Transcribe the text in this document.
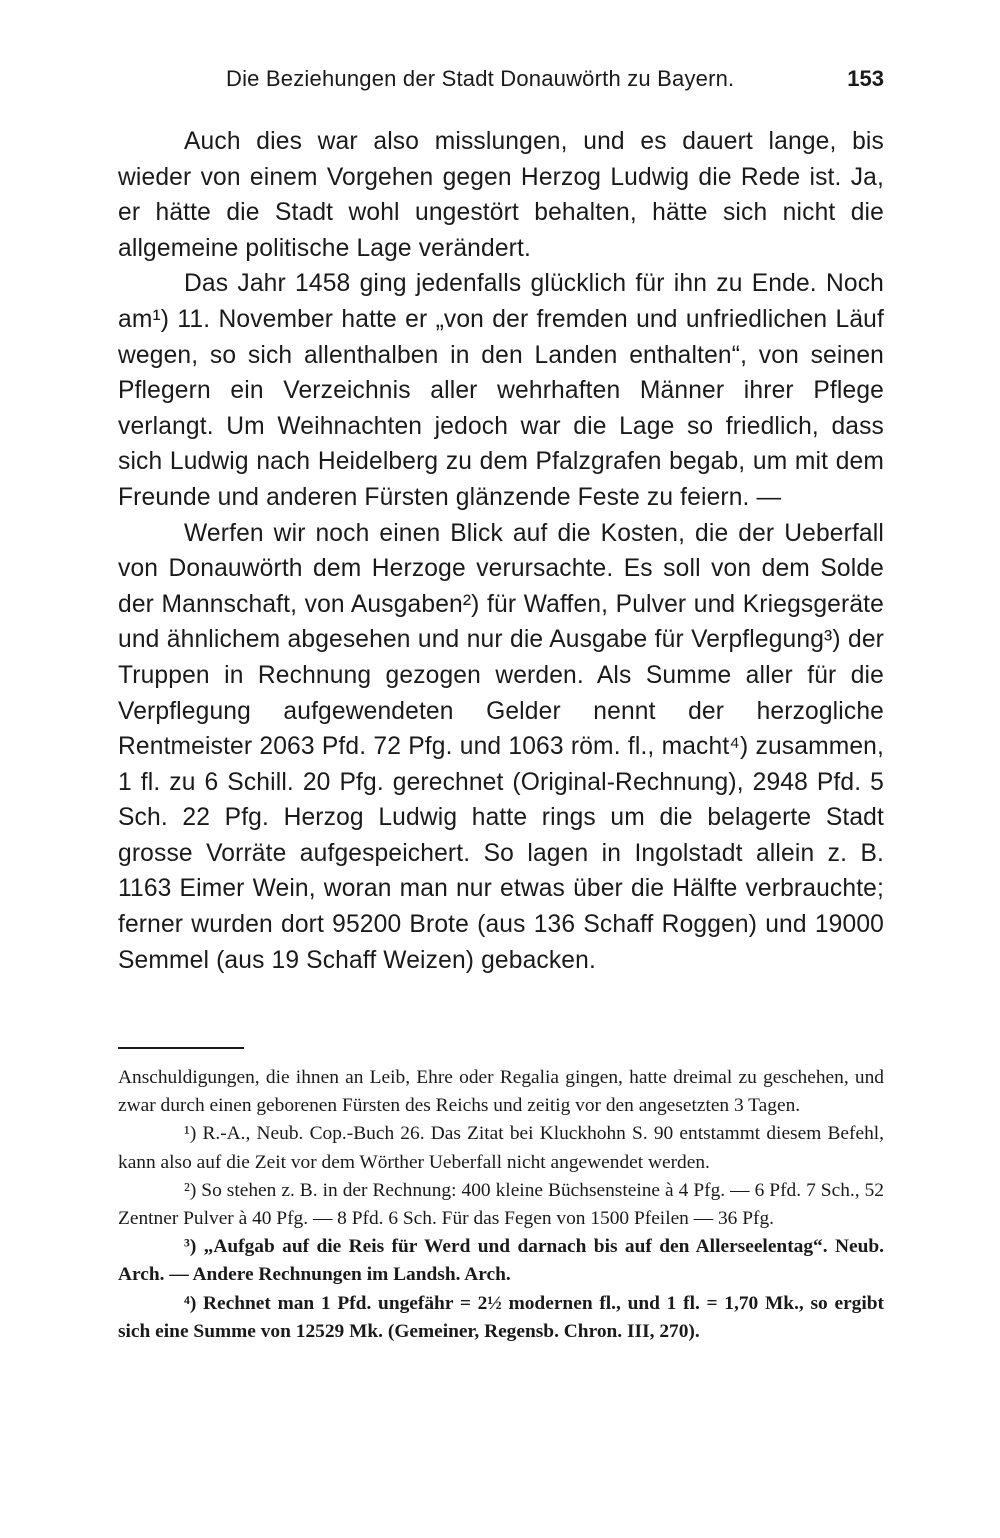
Die Beziehungen der Stadt Donauwörth zu Bayern.	153

Auch dies war also misslungen, und es dauert lange, bis wieder von einem Vorgehen gegen Herzog Ludwig die Rede ist. Ja, er hätte die Stadt wohl ungestört behalten, hätte sich nicht die allgemeine politische Lage verändert.

Das Jahr 1458 ging jedenfalls glücklich für ihn zu Ende. Noch am¹) 11. November hatte er „von der fremden und unfriedlichen Läuf wegen, so sich allenthalben in den Landen enthalten“, von seinen Pflegern ein Verzeichnis aller wehrhaften Männer ihrer Pflege verlangt. Um Weihnachten jedoch war die Lage so friedlich, dass sich Ludwig nach Heidelberg zu dem Pfalzgrafen begab, um mit dem Freunde und anderen Fürsten glänzende Feste zu feiern. —

Werfen wir noch einen Blick auf die Kosten, die der Ueberfall von Donauwörth dem Herzoge verursachte. Es soll von dem Solde der Mannschaft, von Ausgaben²) für Waffen, Pulver und Kriegsgeräte und ähnlichem abgesehen und nur die Ausgabe für Verpflegung³) der Truppen in Rechnung gezogen werden. Als Summe aller für die Verpflegung aufgewendeten Gelder nennt der herzogliche Rentmeister 2063 Pfd. 72 Pfg. und 1063 röm. fl., macht⁴) zusammen, 1 fl. zu 6 Schill. 20 Pfg. gerechnet (Original-Rechnung), 2948 Pfd. 5 Sch. 22 Pfg. Herzog Ludwig hatte rings um die belagerte Stadt grosse Vorräte aufgespeichert. So lagen in Ingolstadt allein z. B. 1163 Eimer Wein, woran man nur etwas über die Hälfte verbrauchte; ferner wurden dort 95200 Brote (aus 136 Schaff Roggen) und 19000 Semmel (aus 19 Schaff Weizen) gebacken.

Anschuldigungen, die ihnen an Leib, Ehre oder Regalia gingen, hatte dreimal zu geschehen, und zwar durch einen geborenen Fürsten des Reichs und zeitig vor den angesetzten 3 Tagen.

¹) R.-A., Neub. Cop.-Buch 26. Das Zitat bei Kluckhohn S. 90 entstammt diesem Befehl, kann also auf die Zeit vor dem Wörther Ueberfall nicht angewendet werden.

²) So stehen z. B. in der Rechnung: 400 kleine Büchsensteine à 4 Pfg. — 6 Pfd. 7 Sch., 52 Zentner Pulver à 40 Pfg. — 8 Pfd. 6 Sch. Für das Fegen von 1500 Pfeilen — 36 Pfg.

³) „Aufgab auf die Reis für Werd und darnach bis auf den Allerseelentag“. Neub. Arch. — Andere Rechnungen im Landsh. Arch.

⁴) Rechnet man 1 Pfd. ungefähr = 2½ modernen fl., und 1 fl. = 1,70 Mk., so ergibt sich eine Summe von 12529 Mk. (Gemeiner, Regensb. Chron. III, 270).
